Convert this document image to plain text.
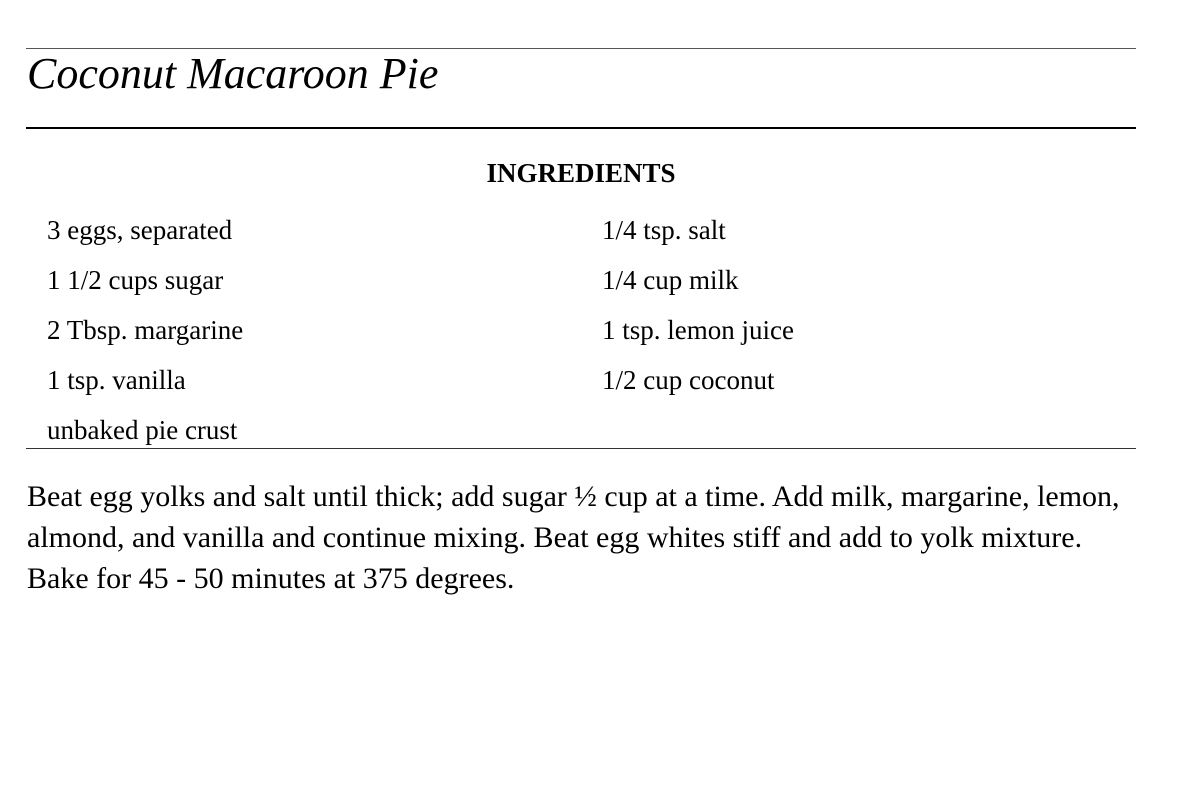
Coconut Macaroon Pie
INGREDIENTS
3 eggs, separated
1 1/2 cups sugar
2 Tbsp. margarine
1 tsp. vanilla
unbaked pie crust
1/4 tsp. salt
1/4 cup milk
1 tsp. lemon juice
1/2 cup coconut

Beat egg yolks and salt until thick; add sugar ½ cup at a time. Add milk, margarine, lemon, almond, and vanilla and continue mixing. Beat egg whites stiff and add to yolk mixture. Bake for 45 - 50 minutes at 375 degrees.
